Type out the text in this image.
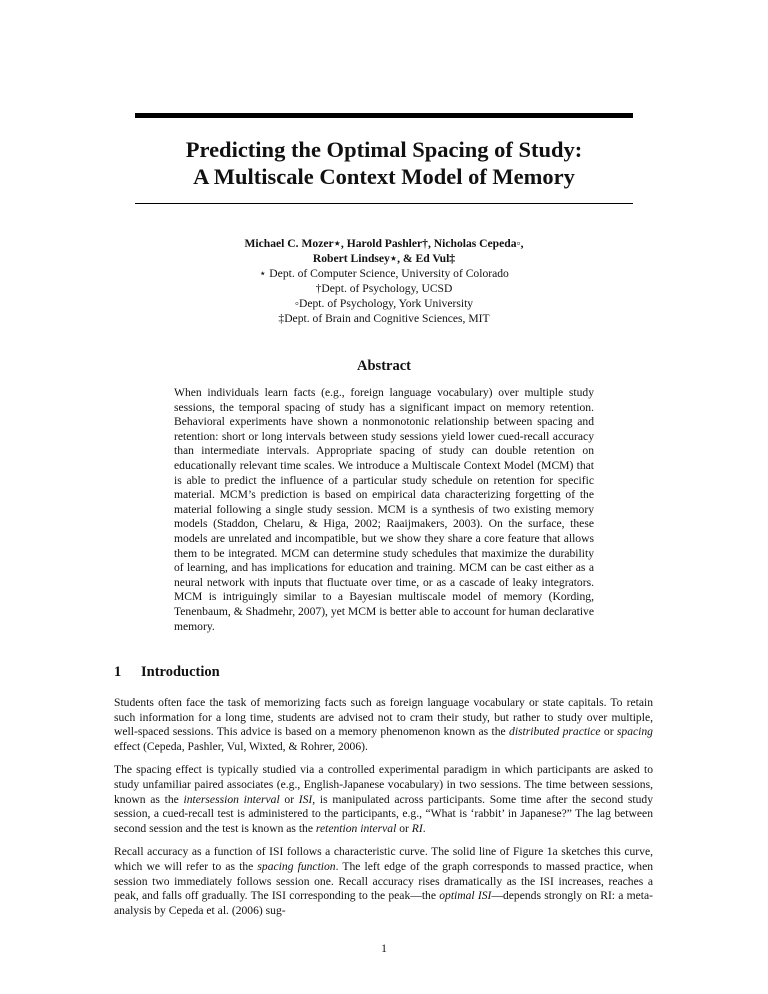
Predicting the Optimal Spacing of Study:
A Multiscale Context Model of Memory
Michael C. Mozer⋆, Harold Pashler†, Nicholas Cepeda◦,
Robert Lindsey⋆, & Ed Vul‡
⋆ Dept. of Computer Science, University of Colorado
†Dept. of Psychology, UCSD
◦Dept. of Psychology, York University
‡Dept. of Brain and Cognitive Sciences, MIT
Abstract
When individuals learn facts (e.g., foreign language vocabulary) over multiple study sessions, the temporal spacing of study has a significant impact on memory retention. Behavioral experiments have shown a nonmonotonic relationship between spacing and retention: short or long intervals between study sessions yield lower cued-recall accuracy than intermediate intervals. Appropriate spacing of study can double retention on educationally relevant time scales. We introduce a Multiscale Context Model (MCM) that is able to predict the influence of a particular study schedule on retention for specific material. MCM’s prediction is based on empirical data characterizing forgetting of the material following a single study session. MCM is a synthesis of two existing memory models (Staddon, Chelaru, & Higa, 2002; Raaijmakers, 2003). On the surface, these models are unrelated and incompatible, but we show they share a core feature that allows them to be integrated. MCM can determine study schedules that maximize the durability of learning, and has implications for education and training. MCM can be cast either as a neural network with inputs that fluctuate over time, or as a cascade of leaky integrators. MCM is intriguingly similar to a Bayesian multiscale model of memory (Kording, Tenenbaum, & Shadmehr, 2007), yet MCM is better able to account for human declarative memory.
1 Introduction

Students often face the task of memorizing facts such as foreign language vocabulary or state capitals. To retain such information for a long time, students are advised not to cram their study, but rather to study over multiple, well-spaced sessions. This advice is based on a memory phenomenon known as the distributed practice or spacing effect (Cepeda, Pashler, Vul, Wixted, & Rohrer, 2006).

The spacing effect is typically studied via a controlled experimental paradigm in which participants are asked to study unfamiliar paired associates (e.g., English-Japanese vocabulary) in two sessions. The time between sessions, known as the intersession interval or ISI, is manipulated across participants. Some time after the second study session, a cued-recall test is administered to the participants, e.g., “What is ‘rabbit’ in Japanese?” The lag between second session and the test is known as the retention interval or RI.

Recall accuracy as a function of ISI follows a characteristic curve. The solid line of Figure 1a sketches this curve, which we will refer to as the spacing function. The left edge of the graph corresponds to massed practice, when session two immediately follows session one. Recall accuracy rises dramatically as the ISI increases, reaches a peak, and falls off gradually. The ISI corresponding to the peak—the optimal ISI—depends strongly on RI: a meta-analysis by Cepeda et al. (2006) sug-

1
